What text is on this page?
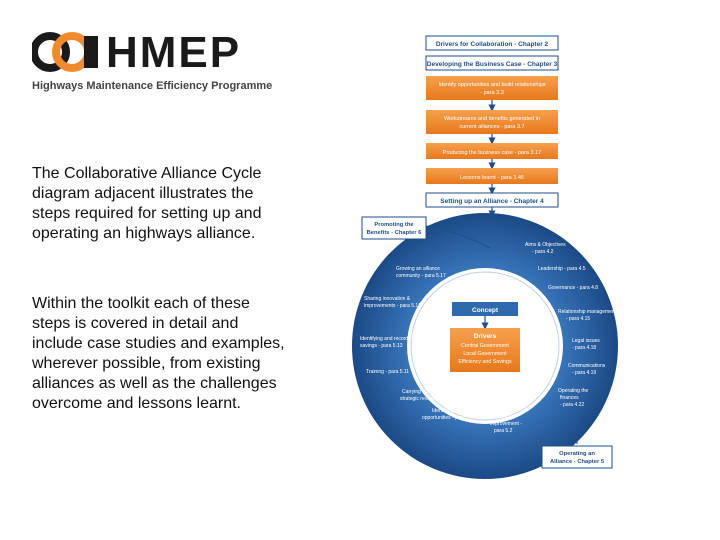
HMEP
Highways Maintenance Efficiency Programme
The Collaborative Alliance Cycle diagram adjacent illustrates the steps required for setting up and operating an highways alliance.
Within the toolkit each of these steps is covered in detail and include case studies and examples, wherever possible, from existing alliances as well as the challenges overcome and lessons learnt.
Drivers for Collaboration - Chapter 2
Developing the Business Case - Chapter 3
Identify opportunities and build relationships
- para 3.3
Workstreams and benefits generated in
current alliances - para 3.7
Producing the business case - para 3.17
Lessons learnt - para 3.45
Setting up an Alliance - Chapter 4
Promoting the
Benefits - Chapter 6
Operating an
Alliance - Chapter 5
Aims & Objectives
- para 4.2
Leadership - para 4.5
Governance - para 4.8
Relationship management
- para 4.15
Legal issues
- para 4.18
Communications
- para 4.19
Operating the
finances
- para 4.22
Continuous
improvement -
para 5.2
Identifying new
opportunities - para 5.7
Carrying out regular
strategic reviews - para 5.9
Training - para 5.11
Identifying and recording
savings - para 5.13
Sharing innovation &
improvements - para 5.15
Growing an alliance
community - para 5.17
Concept
Drivers
Central Government
Local Government
Efficiency and Savings
